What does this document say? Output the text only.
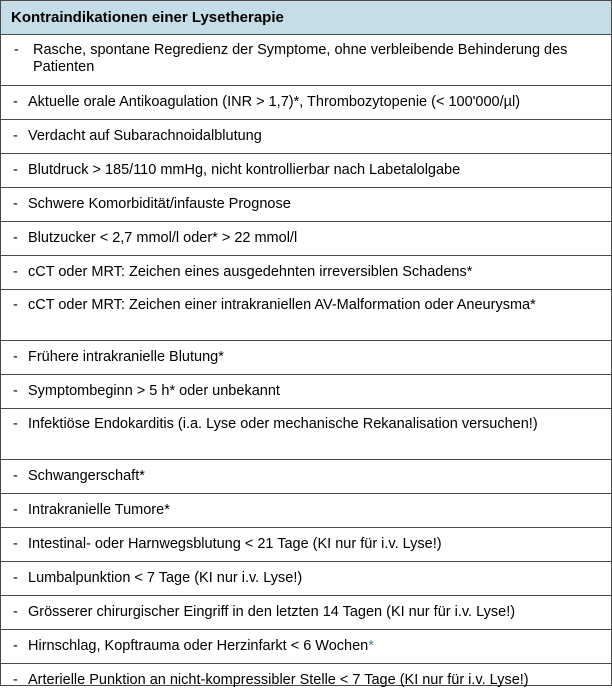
Kontraindikationen einer Lysetherapie
- Rasche, spontane Regredienz der Symptome, ohne verbleibende Behinderung des Patienten
- Aktuelle orale Antikoagulation (INR > 1,7)*, Thrombozytopenie (< 100'000/µl)
- Verdacht auf Subarachnoidalblutung
- Blutdruck > 185/110 mmHg, nicht kontrollierbar nach Labetalolgabe
- Schwere Komorbidität/infauste Prognose
- Blutzucker < 2,7 mmol/l oder* > 22 mmol/l
- cCT oder MRT: Zeichen eines ausgedehnten irreversiblen Schadens*
- cCT oder MRT: Zeichen einer intrakraniellen AV-Malformation oder Aneurysma*
- Frühere intrakranielle Blutung*
- Symptombeginn > 5 h* oder unbekannt
- Infektiöse Endokarditis (i.a. Lyse oder mechanische Rekanalisation versuchen!)
- Schwangerschaft*
- Intrakranielle Tumore*
- Intestinal- oder Harnwegsblutung < 21 Tage (KI nur für i.v. Lyse!)
- Lumbalpunktion < 7 Tage (KI nur i.v. Lyse!)
- Grösserer chirurgischer Eingriff in den letzten 14 Tagen (KI nur für i.v. Lyse!)
- Hirnschlag, Kopftrauma oder Herzinfarkt < 6 Wochen*
- Arterielle Punktion an nicht-kompressibler Stelle < 7 Tage (KI nur für i.v. Lyse!)
